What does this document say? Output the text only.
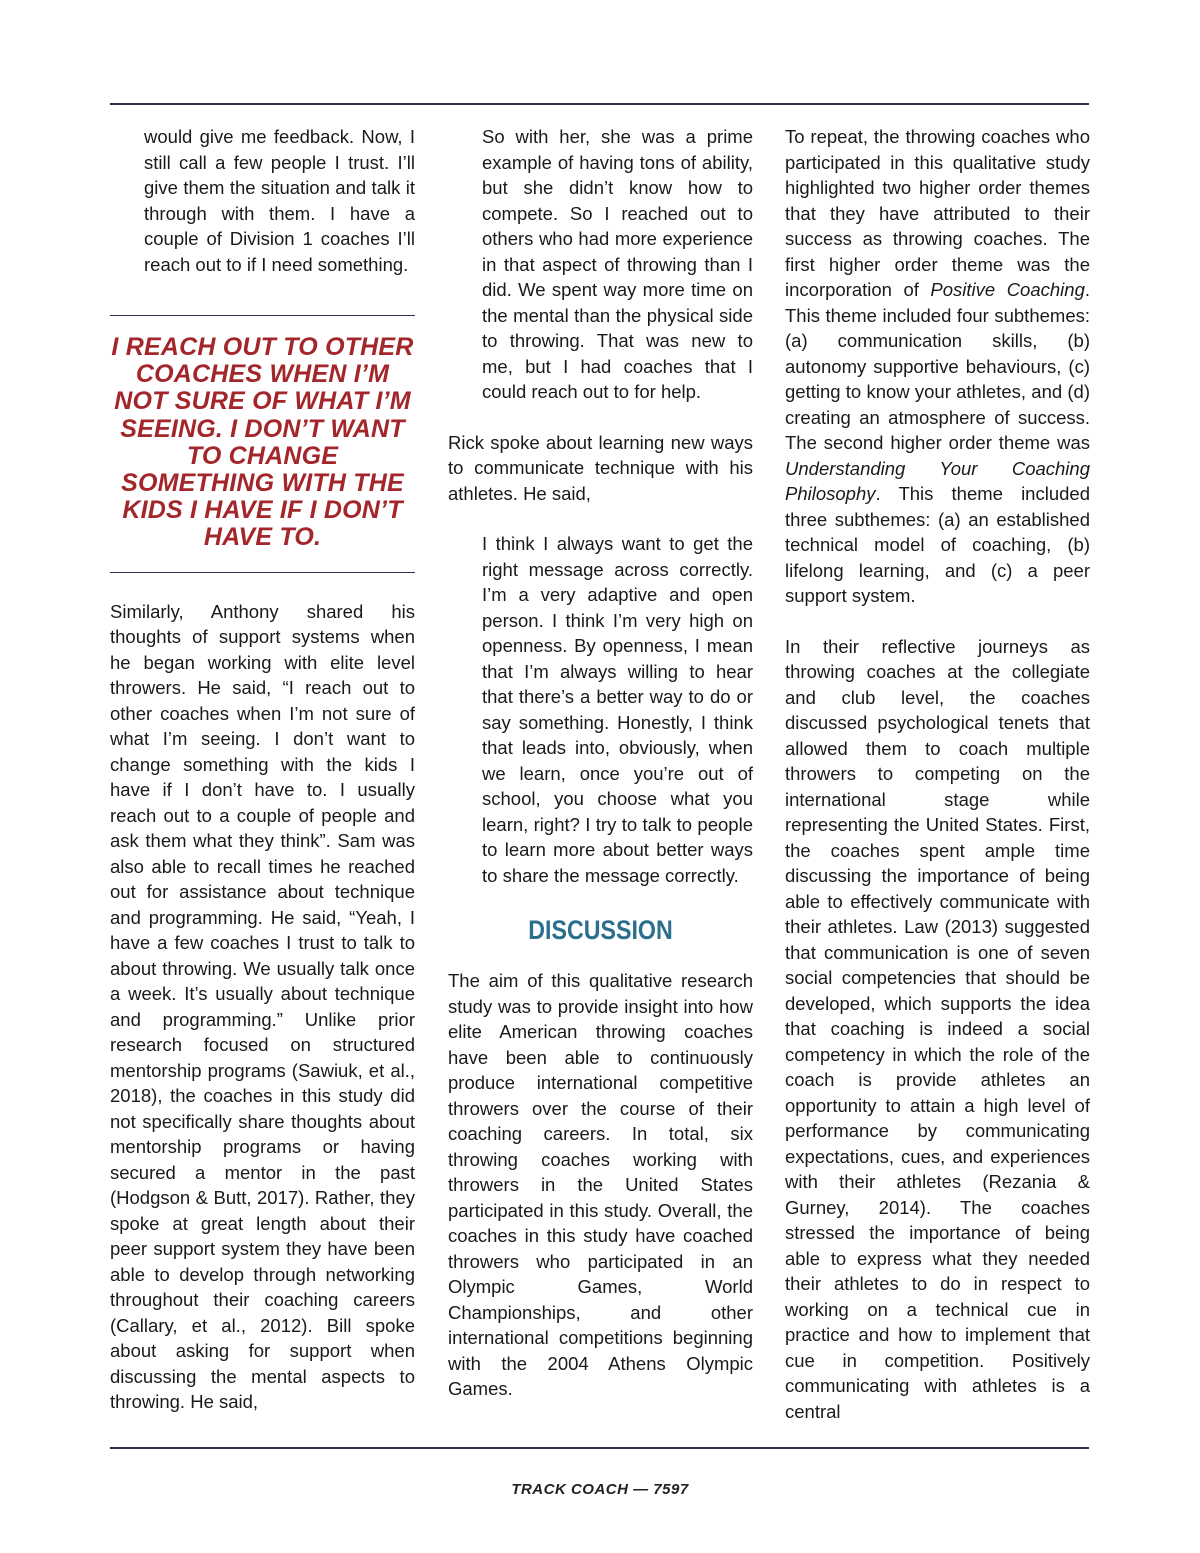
would give me feedback. Now, I still call a few people I trust. I’ll give them the situation and talk it through with them. I have a couple of Division 1 coaches I’ll reach out to if I need something.

I REACH OUT TO OTHER COACHES WHEN I’M NOT SURE OF WHAT I’M SEEING. I DON’T WANT TO CHANGE SOMETHING WITH THE KIDS I HAVE IF I DON’T HAVE TO.

Similarly, Anthony shared his thoughts of support systems when he began working with elite level throwers. He said, “I reach out to other coaches when I’m not sure of what I’m seeing. I don’t want to change something with the kids I have if I don’t have to. I usually reach out to a couple of people and ask them what they think”. Sam was also able to recall times he reached out for assistance about technique and programming. He said, “Yeah, I have a few coaches I trust to talk to about throwing. We usually talk once a week. It’s usually about technique and programming.” Unlike prior research focused on structured mentorship programs (Sawiuk, et al., 2018), the coaches in this study did not specifically share thoughts about mentorship programs or having secured a mentor in the past (Hodgson & Butt, 2017). Rather, they spoke at great length about their peer support system they have been able to develop through networking throughout their coaching careers (Callary, et al., 2012). Bill spoke about asking for support when discussing the mental aspects to throwing. He said,

So with her, she was a prime example of having tons of ability, but she didn’t know how to compete. So I reached out to others who had more experience in that aspect of throwing than I did. We spent way more time on the mental than the physical side to throwing. That was new to me, but I had coaches that I could reach out to for help.

Rick spoke about learning new ways to communicate technique with his athletes. He said,

I think I always want to get the right message across correctly. I’m a very adaptive and open person. I think I’m very high on openness. By openness, I mean that I’m always willing to hear that there’s a better way to do or say something. Honestly, I think that leads into, obviously, when we learn, once you’re out of school, you choose what you learn, right? I try to talk to people to learn more about better ways to share the message correctly.

DISCUSSION

The aim of this qualitative research study was to provide insight into how elite American throwing coaches have been able to continuously produce international competitive throwers over the course of their coaching careers. In total, six throwing coaches working with throwers in the United States participated in this study. Overall, the coaches in this study have coached throwers who participated in an Olympic Games, World Championships, and other international competitions beginning with the 2004 Athens Olympic Games.

To repeat, the throwing coaches who participated in this qualitative study highlighted two higher order themes that they have attributed to their success as throwing coaches. The first higher order theme was the incorporation of Positive Coaching. This theme included four subthemes: (a) communication skills, (b) autonomy supportive behaviours, (c) getting to know your athletes, and (d) creating an atmosphere of success. The second higher order theme was Understanding Your Coaching Philosophy. This theme included three subthemes: (a) an established technical model of coaching, (b) lifelong learning, and (c) a peer support system.

In their reflective journeys as throwing coaches at the collegiate and club level, the coaches discussed psychological tenets that allowed them to coach multiple throwers to competing on the international stage while representing the United States. First, the coaches spent ample time discussing the importance of being able to effectively communicate with their athletes. Law (2013) suggested that communication is one of seven social competencies that should be developed, which supports the idea that coaching is indeed a social competency in which the role of the coach is provide athletes an opportunity to attain a high level of performance by communicating expectations, cues, and experiences with their athletes (Rezania & Gurney, 2014). The coaches stressed the importance of being able to express what they needed their athletes to do in respect to working on a technical cue in practice and how to implement that cue in competition. Positively communicating with athletes is a central

TRACK COACH — 7597
